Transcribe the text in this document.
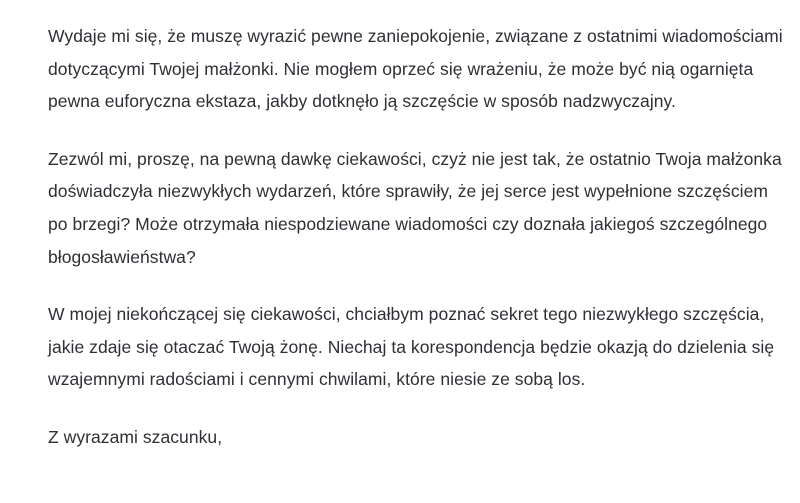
Wydaje mi się, że muszę wyrazić pewne zaniepokojenie, związane z ostatnimi wiadomościami dotyczącymi Twojej małżonki. Nie mogłem oprzeć się wrażeniu, że może być nią ogarnięta pewna euforyczna ekstaza, jakby dotknęło ją szczęście w sposób nadzwyczajny.

Zezwól mi, proszę, na pewną dawkę ciekawości, czyż nie jest tak, że ostatnio Twoja małżonka doświadczyła niezwykłych wydarzeń, które sprawiły, że jej serce jest wypełnione szczęściem po brzegi? Może otrzymała niespodziewane wiadomości czy doznała jakiegoś szczególnego błogosławieństwa?

W mojej niekończącej się ciekawości, chciałbym poznać sekret tego niezwykłego szczęścia, jakie zdaje się otaczać Twoją żonę. Niechaj ta korespondencja będzie okazją do dzielenia się wzajemnymi radościami i cennymi chwilami, które niesie ze sobą los.

Z wyrazami szacunku,
